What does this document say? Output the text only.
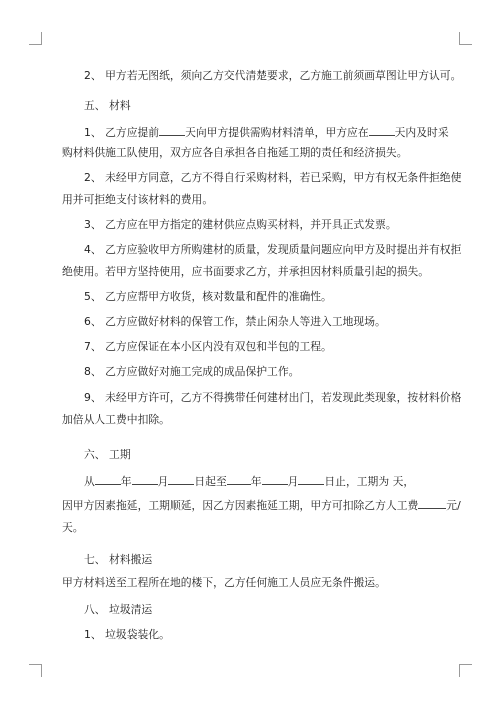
2、 甲方若无图纸，须向乙方交代清楚要求，乙方施工前须画草图让甲方认可。
五、 材料
1、 乙方应提前 天向甲方提供需购材料清单，甲方应在 天内及时采
购材料供施工队使用，双方应各自承担各自拖延工期的责任和经济损失。
2、 未经甲方同意，乙方不得自行采购材料，若已采购，甲方有权无条件拒绝使
用并可拒绝支付该材料的费用。
3、 乙方应在甲方指定的建材供应点购买材料，并开具正式发票。
4、 乙方应验收甲方所购建材的质量，发现质量问题应向甲方及时提出并有权拒
绝使用。若甲方坚持使用，应书面要求乙方，并承担因材料质量引起的损失。
5、 乙方应帮甲方收货，核对数量和配件的准确性。
6、 乙方应做好材料的保管工作，禁止闲杂人等进入工地现场。
7、 乙方应保证在本小区内没有双包和半包的工程。
8、 乙方应做好对施工完成的成品保护工作。
9、 未经甲方许可，乙方不得携带任何建材出门，若发现此类现象，按材料价格
加倍从人工费中扣除。
六、 工期
从 年 月 日起至 年 月 日止，工期为 天，
因甲方因素拖延，工期顺延，因乙方因素拖延工期，甲方可扣除乙方人工费	元/
天。
七、 材料搬运
甲方材料送至工程所在地的楼下，乙方任何施工人员应无条件搬运。
八、 垃圾清运
1、 垃圾袋装化。
